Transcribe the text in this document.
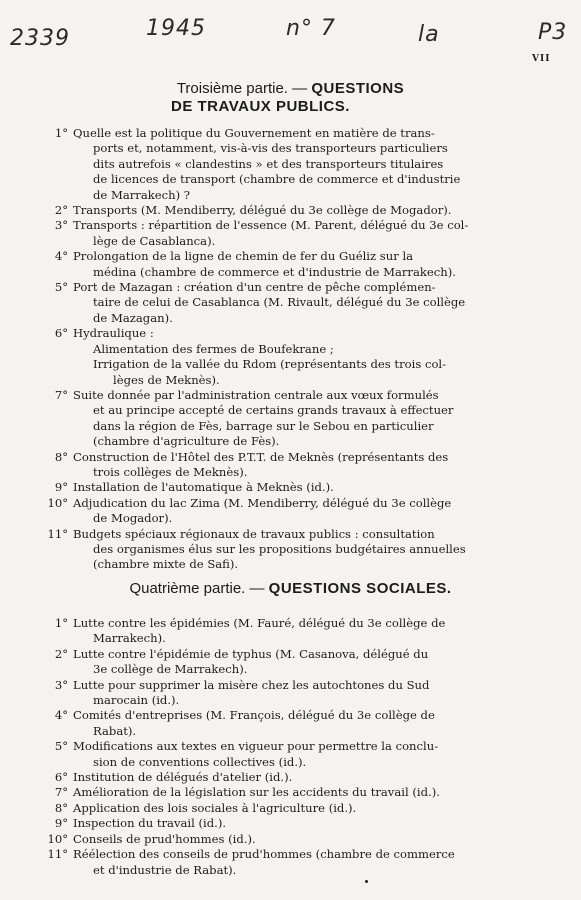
2339	1945	n° 7	la	P3
VII
Troisième partie. — QUESTIONS
DE TRAVAUX PUBLICS.
1° Quelle est la politique du Gouvernement en matière de trans-
ports et, notamment, vis-à-vis des transporteurs particuliers
dits autrefois « clandestins » et des transporteurs titulaires
de licences de transport (chambre de commerce et d'industrie
de Marrakech) ?
2° Transports (M. Mendiberry, délégué du 3e collège de Mogador).
3° Transports : répartition de l'essence (M. Parent, délégué du 3e col-
lège de Casablanca).
4° Prolongation de la ligne de chemin de fer du Guéliz sur la
médina (chambre de commerce et d'industrie de Marrakech).
5° Port de Mazagan : création d'un centre de pêche complémen-
taire de celui de Casablanca (M. Rivault, délégué du 3e collège
de Mazagan).
6° Hydraulique :
Alimentation des fermes de Boufekrane ;
Irrigation de la vallée du Rdom (représentants des trois col-
lèges de Meknès).
7° Suite donnée par l'administration centrale aux vœux formulés
et au principe accepté de certains grands travaux à effectuer
dans la région de Fès, barrage sur le Sebou en particulier
(chambre d'agriculture de Fès).
8° Construction de l'Hôtel des P.T.T. de Meknès (représentants des
trois collèges de Meknès).
9° Installation de l'automatique à Meknès (id.).
10° Adjudication du lac Zima (M. Mendiberry, délégué du 3e collège
de Mogador).
11° Budgets spéciaux régionaux de travaux publics : consultation
des organismes élus sur les propositions budgétaires annuelles
(chambre mixte de Safi).
Quatrième partie. — QUESTIONS SOCIALES.
1° Lutte contre les épidémies (M. Fauré, délégué du 3e collège de
Marrakech).
2° Lutte contre l'épidémie de typhus (M. Casanova, délégué du
3e collège de Marrakech).
3° Lutte pour supprimer la misère chez les autochtones du Sud
marocain (id.).
4° Comités d'entreprises (M. François, délégué du 3e collège de
Rabat).
5° Modifications aux textes en vigueur pour permettre la conclu-
sion de conventions collectives (id.).
6° Institution de délégués d'atelier (id.).
7° Amélioration de la législation sur les accidents du travail (id.).
8° Application des lois sociales à l'agriculture (id.).
9° Inspection du travail (id.).
10° Conseils de prud'hommes (id.).
11° Réélection des conseils de prud'hommes (chambre de commerce
et d'industrie de Rabat).
